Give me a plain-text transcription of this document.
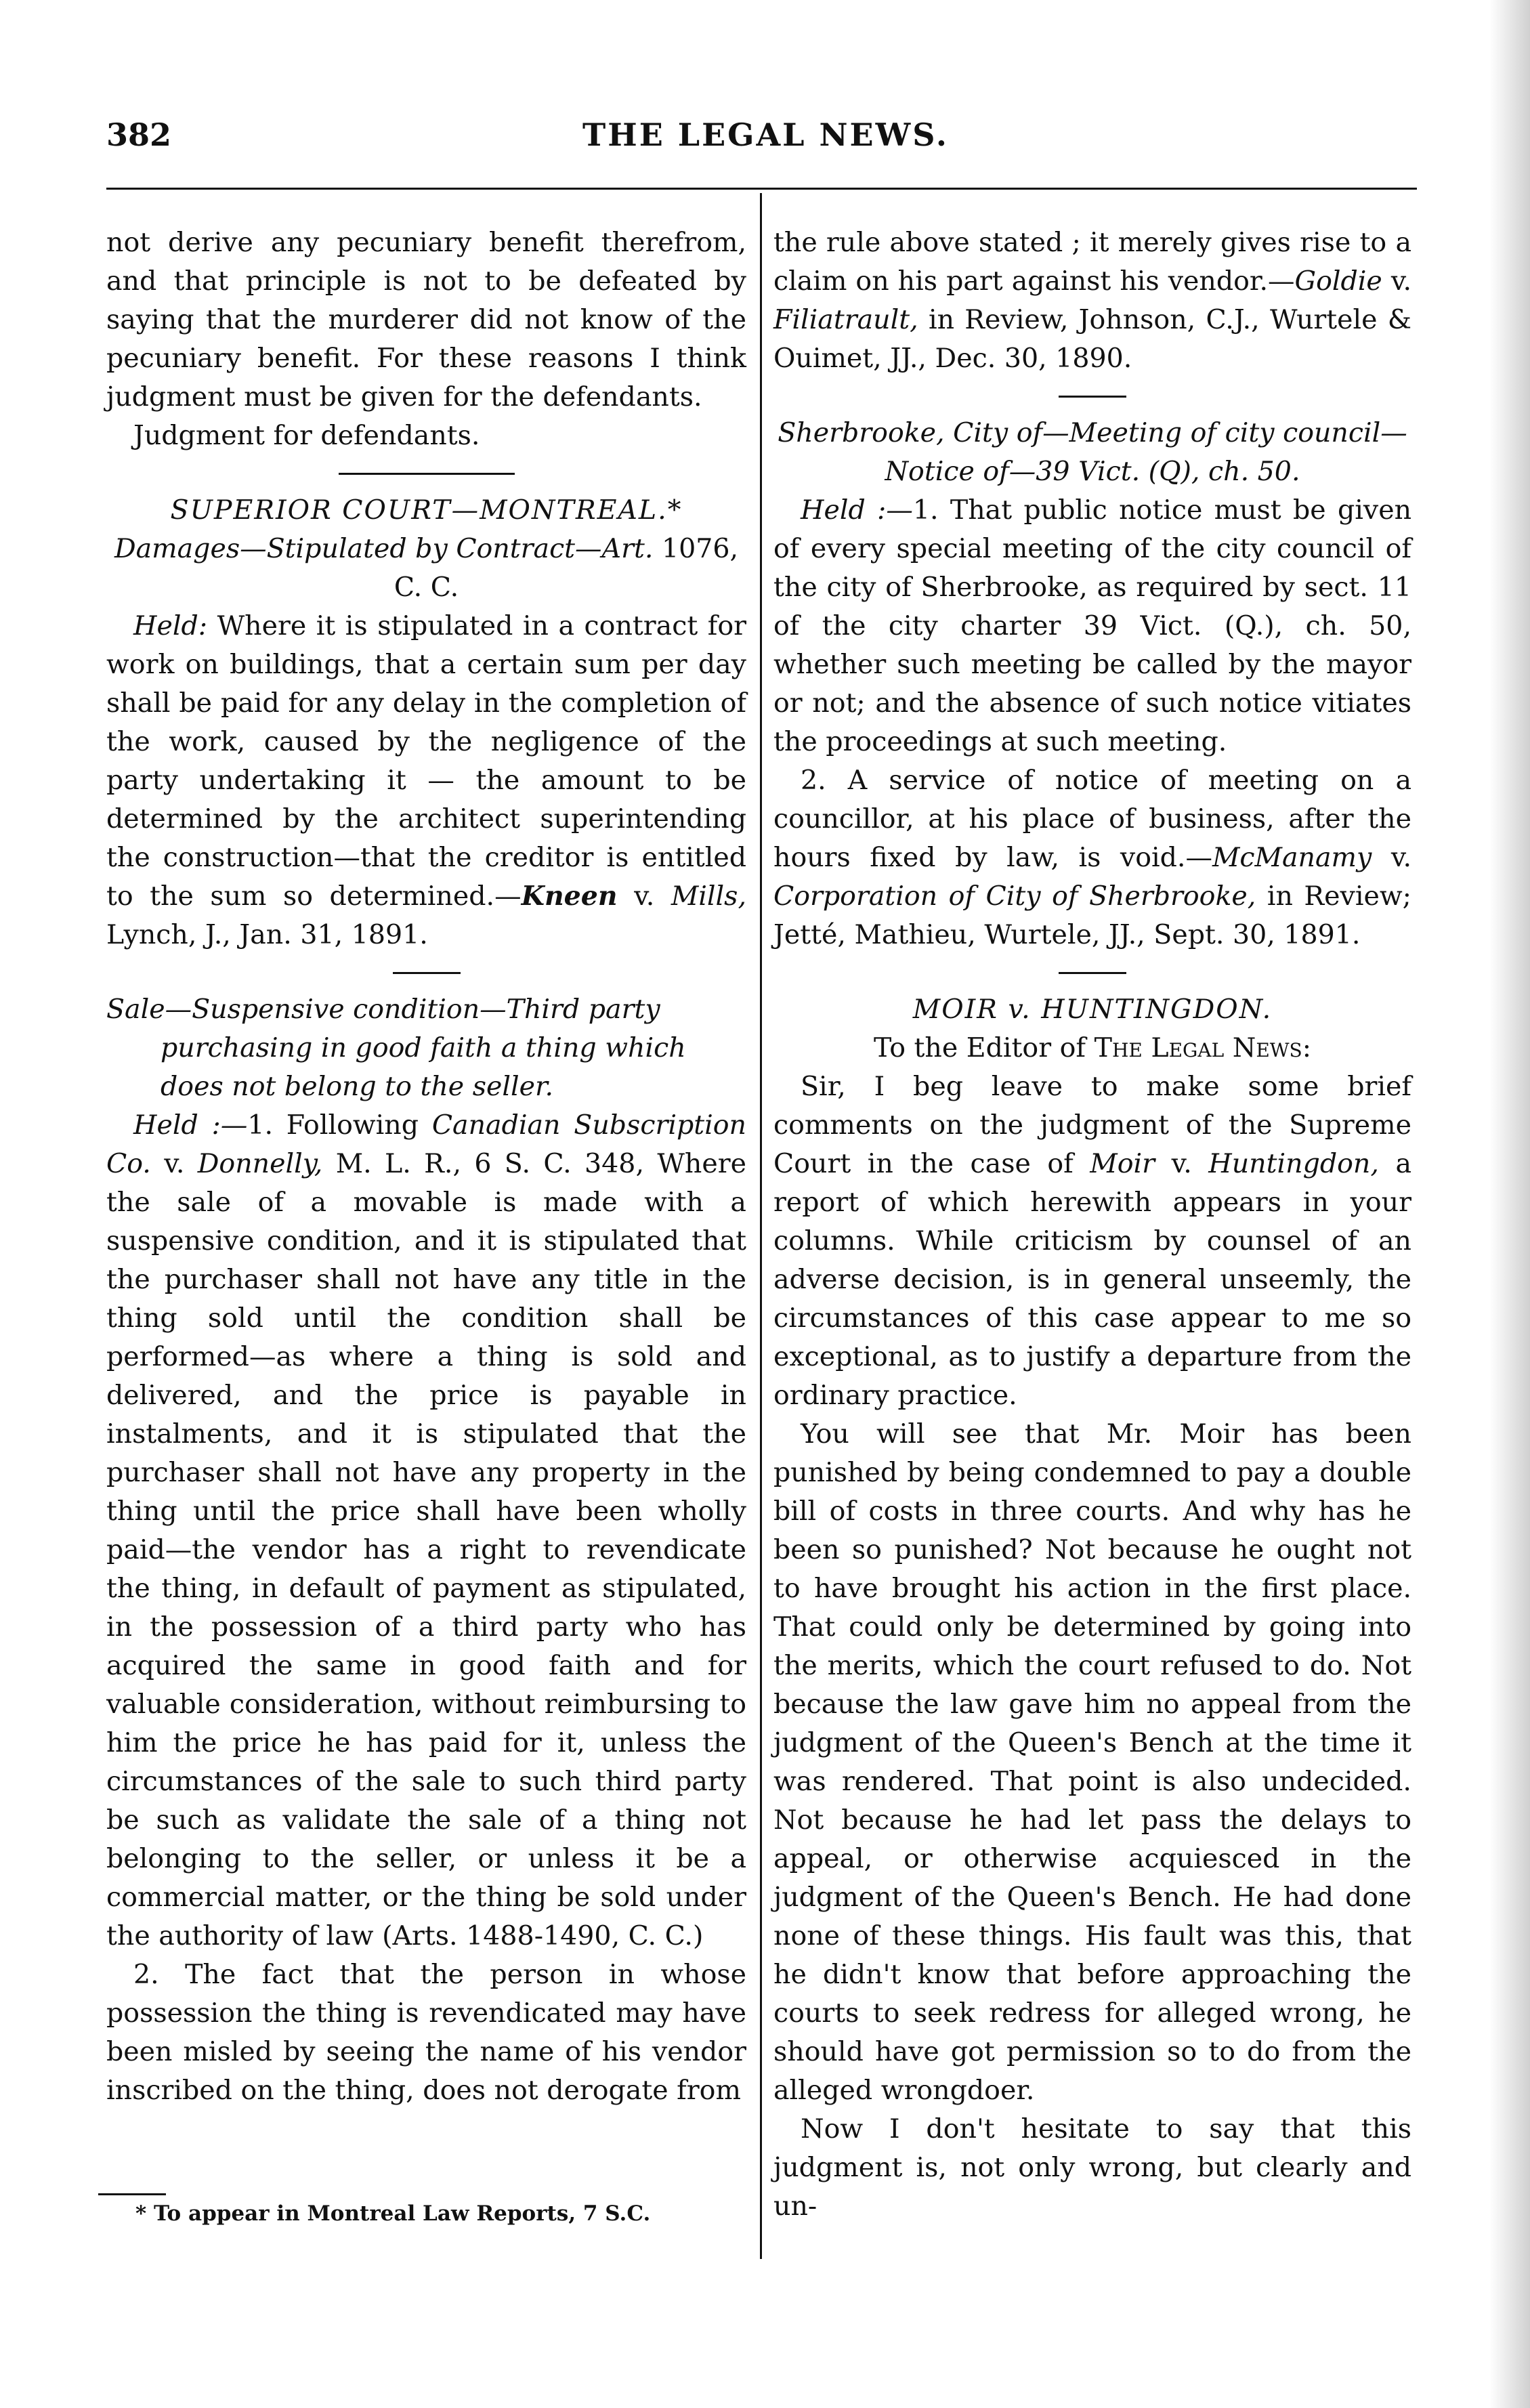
382	THE LEGAL NEWS.

not derive any pecuniary benefit therefrom, and that principle is not to be defeated by saying that the murderer did not know of the pecuniary benefit. For these reasons I think judgment must be given for the defendants.

Judgment for defendants.

SUPERIOR COURT—MONTREAL.*

Damages—Stipulated by Contract—Art. 1076, C. C.

Held: Where it is stipulated in a contract for work on buildings, that a certain sum per day shall be paid for any delay in the completion of the work, caused by the negligence of the party undertaking it — the amount to be determined by the architect superintending the construction—that the creditor is entitled to the sum so determined.—Kneen v. Mills, Lynch, J., Jan. 31, 1891.

Sale—Suspensive condition—Third party purchasing in good faith a thing which does not belong to the seller.

Held :—1. Following Canadian Subscription Co. v. Donnelly, M. L. R., 6 S. C. 348, Where the sale of a movable is made with a suspensive condition, and it is stipulated that the purchaser shall not have any title in the thing sold until the condition shall be performed—as where a thing is sold and delivered, and the price is payable in instalments, and it is stipulated that the purchaser shall not have any property in the thing until the price shall have been wholly paid—the vendor has a right to revendicate the thing, in default of payment as stipulated, in the possession of a third party who has acquired the same in good faith and for valuable consideration, without reimbursing to him the price he has paid for it, unless the circumstances of the sale to such third party be such as validate the sale of a thing not belonging to the seller, or unless it be a commercial matter, or the thing be sold under the authority of law (Arts. 1488-1490, C. C.)

2. The fact that the person in whose possession the thing is revendicated may have been misled by seeing the name of his vendor inscribed on the thing, does not derogate from

* To appear in Montreal Law Reports, 7 S.C.

the rule above stated ; it merely gives rise to a claim on his part against his vendor.—Goldie v. Filiatrault, in Review, Johnson, C.J., Wurtele & Ouimet, JJ., Dec. 30, 1890.

Sherbrooke, City of—Meeting of city council—Notice of—39 Vict. (Q), ch. 50.

Held :—1. That public notice must be given of every special meeting of the city council of the city of Sherbrooke, as required by sect. 11 of the city charter 39 Vict. (Q.), ch. 50, whether such meeting be called by the mayor or not; and the absence of such notice vitiates the proceedings at such meeting.

2. A service of notice of meeting on a councillor, at his place of business, after the hours fixed by law, is void.—McManamy v. Corporation of City of Sherbrooke, in Review; Jetté, Mathieu, Wurtele, JJ., Sept. 30, 1891.

MOIR v. HUNTINGDON.

To the Editor of The Legal News:

Sir, I beg leave to make some brief comments on the judgment of the Supreme Court in the case of Moir v. Huntingdon, a report of which herewith appears in your columns. While criticism by counsel of an adverse decision, is in general unseemly, the circumstances of this case appear to me so exceptional, as to justify a departure from the ordinary practice.

You will see that Mr. Moir has been punished by being condemned to pay a double bill of costs in three courts. And why has he been so punished? Not because he ought not to have brought his action in the first place. That could only be determined by going into the merits, which the court refused to do. Not because the law gave him no appeal from the judgment of the Queen's Bench at the time it was rendered. That point is also undecided. Not because he had let pass the delays to appeal, or otherwise acquiesced in the judgment of the Queen's Bench. He had done none of these things. His fault was this, that he didn't know that before approaching the courts to seek redress for alleged wrong, he should have got permission so to do from the alleged wrongdoer.

Now I don't hesitate to say that this judgment is, not only wrong, but clearly and un-
